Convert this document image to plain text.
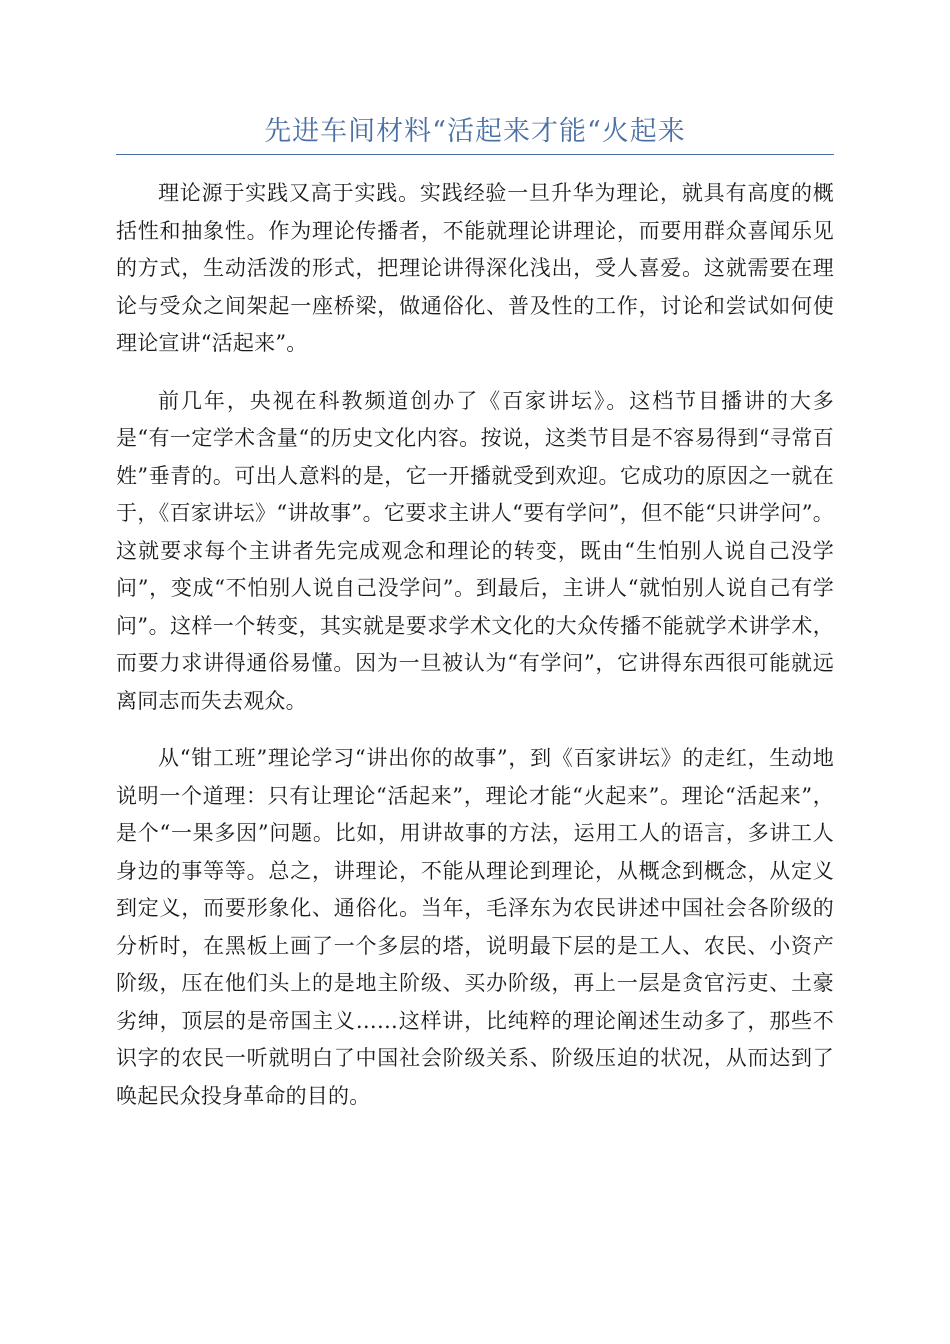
先进车间材料“活起来才能“火起来

理论源于实践又高于实践。实践经验一旦升华为理论，就具有高度的概括性和抽象性。作为理论传播者，不能就理论讲理论，而要用群众喜闻乐见的方式，生动活泼的形式，把理论讲得深化浅出，受人喜爱。这就需要在理论与受众之间架起一座桥梁，做通俗化、普及性的工作，讨论和尝试如何使理论宣讲“活起来”。

前几年，央视在科教频道创办了《百家讲坛》。这档节目播讲的大多是“有一定学术含量“的历史文化内容。按说，这类节目是不容易得到“寻常百姓”垂青的。可出人意料的是，它一开播就受到欢迎。它成功的原因之一就在于，《百家讲坛》“讲故事”。它要求主讲人“要有学问”，但不能“只讲学问”。这就要求每个主讲者先完成观念和理论的转变，既由“生怕别人说自己没学问”，变成“不怕别人说自己没学问”。到最后，主讲人“就怕别人说自己有学问”。这样一个转变，其实就是要求学术文化的大众传播不能就学术讲学术，而要力求讲得通俗易懂。因为一旦被认为“有学问”，它讲得东西很可能就远离同志而失去观众。

从“钳工班”理论学习“讲出你的故事”，到《百家讲坛》的走红，生动地说明一个道理：只有让理论“活起来”，理论才能“火起来”。理论“活起来”，是个“一果多因”问题。比如，用讲故事的方法，运用工人的语言，多讲工人身边的事等等。总之，讲理论，不能从理论到理论，从概念到概念，从定义到定义，而要形象化、通俗化。当年，毛泽东为农民讲述中国社会各阶级的分析时，在黑板上画了一个多层的塔，说明最下层的是工人、农民、小资产阶级，压在他们头上的是地主阶级、买办阶级，再上一层是贪官污吏、土豪劣绅，顶层的是帝国主义……这样讲，比纯粹的理论阐述生动多了，那些不识字的农民一听就明白了中国社会阶级关系、阶级压迫的状况，从而达到了唤起民众投身革命的目的。
